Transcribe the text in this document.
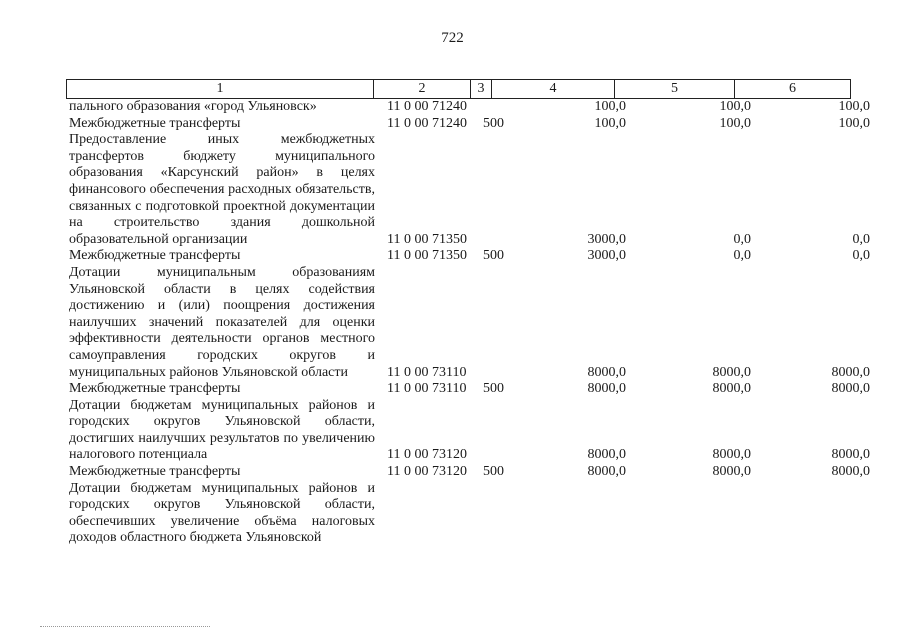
722
1	2	3	4	5	6
пального образования «город Ульяновск»	11 0 00 71240		100,0	100,0	100,0

Межбюджетные трансферты	11 0 00 71240	500	100,0	100,0	100,0

Предоставление иных межбюджетных трансфертов бюджету муниципального образования «Карсунский район» в целях финансового обеспечения расходных обязательств, связанных с подготовкой проектной документации на строительство здания дошкольной образовательной организации	11 0 00 71350		3000,0	0,0	0,0

Межбюджетные трансферты	11 0 00 71350	500	3000,0	0,0	0,0

Дотации муниципальным образованиям Ульяновской области в целях содействия достижению и (или) поощрения достижения наилучших значений показателей для оценки эффективности деятельности органов местного самоуправления городских округов и муниципальных районов Ульяновской области	11 0 00 73110		8000,0	8000,0	8000,0

Межбюджетные трансферты	11 0 00 73110	500	8000,0	8000,0	8000,0

Дотации бюджетам муниципальных районов и городских округов Ульяновской области, достигших наилучших результатов по увеличению налогового потенциала	11 0 00 73120		8000,0	8000,0	8000,0

Межбюджетные трансферты	11 0 00 73120	500	8000,0	8000,0	8000,0

Дотации бюджетам муниципальных районов и городских округов Ульяновской области, обеспечивших увеличение объёма налоговых доходов областного бюджета Ульяновской					
